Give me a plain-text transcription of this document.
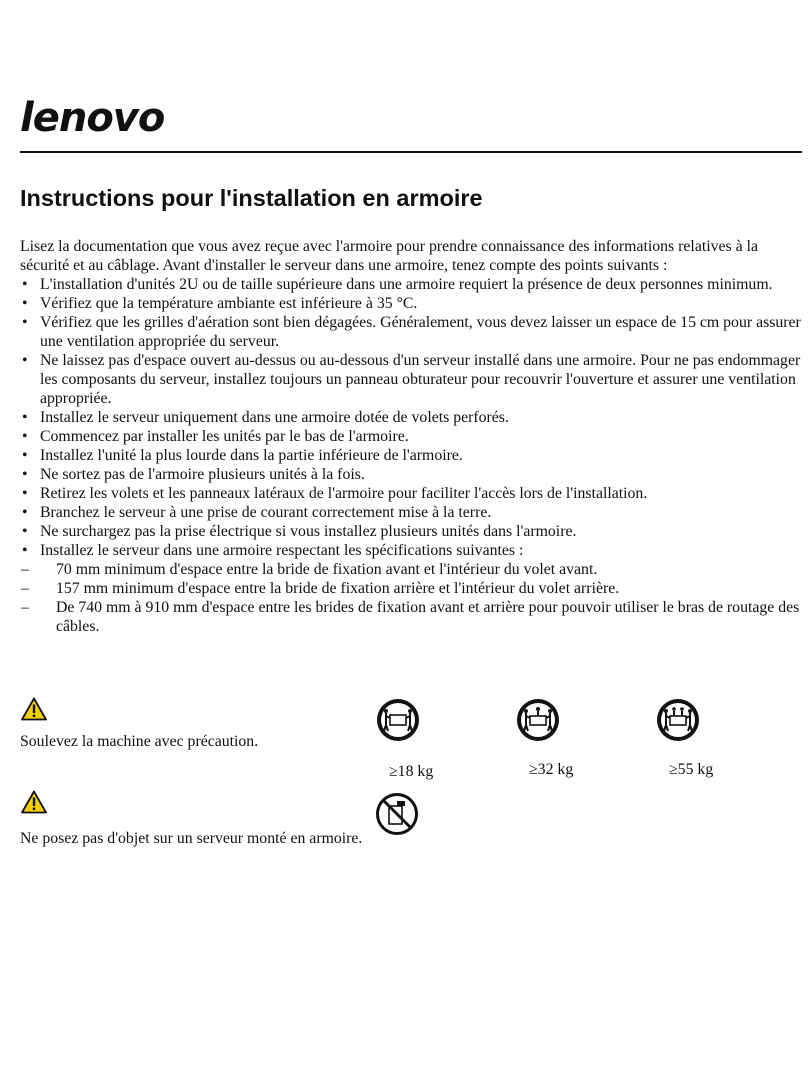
lenovo
Instructions pour l'installation en armoire

Lisez la documentation que vous avez reçue avec l'armoire pour prendre connaissance des informations relatives à la sécurité et au câblage. Avant d'installer le serveur dans une armoire, tenez compte des points suivants :

• L'installation d'unités 2U ou de taille supérieure dans une armoire requiert la présence de deux personnes minimum.
• Vérifiez que la température ambiante est inférieure à 35 °C.
• Vérifiez que les grilles d'aération sont bien dégagées. Généralement, vous devez laisser un espace de 15 cm pour assurer une ventilation appropriée du serveur.
• Ne laissez pas d'espace ouvert au-dessus ou au-dessous d'un serveur installé dans une armoire. Pour ne pas endommager les composants du serveur, installez toujours un panneau obturateur pour recouvrir l'ouverture et assurer une ventilation appropriée.
• Installez le serveur uniquement dans une armoire dotée de volets perforés.
• Commencez par installer les unités par le bas de l'armoire.
• Installez l'unité la plus lourde dans la partie inférieure de l'armoire.
• Ne sortez pas de l'armoire plusieurs unités à la fois.
• Retirez les volets et les panneaux latéraux de l'armoire pour faciliter l'accès lors de l'installation.
• Branchez le serveur à une prise de courant correctement mise à la terre.
• Ne surchargez pas la prise électrique si vous installez plusieurs unités dans l'armoire.
• Installez le serveur dans une armoire respectant les spécifications suivantes :
– 70 mm minimum d'espace entre la bride de fixation avant et l'intérieur du volet avant.
– 157 mm minimum d'espace entre la bride de fixation arrière et l'intérieur du volet arrière.
– De 740 mm à 910 mm d'espace entre les brides de fixation avant et arrière pour pouvoir utiliser le bras de routage des câbles.

Soulevez la machine avec précaution.

≥18 kg	≥32 kg	≥55 kg

Ne posez pas d'objet sur un serveur monté en armoire.
